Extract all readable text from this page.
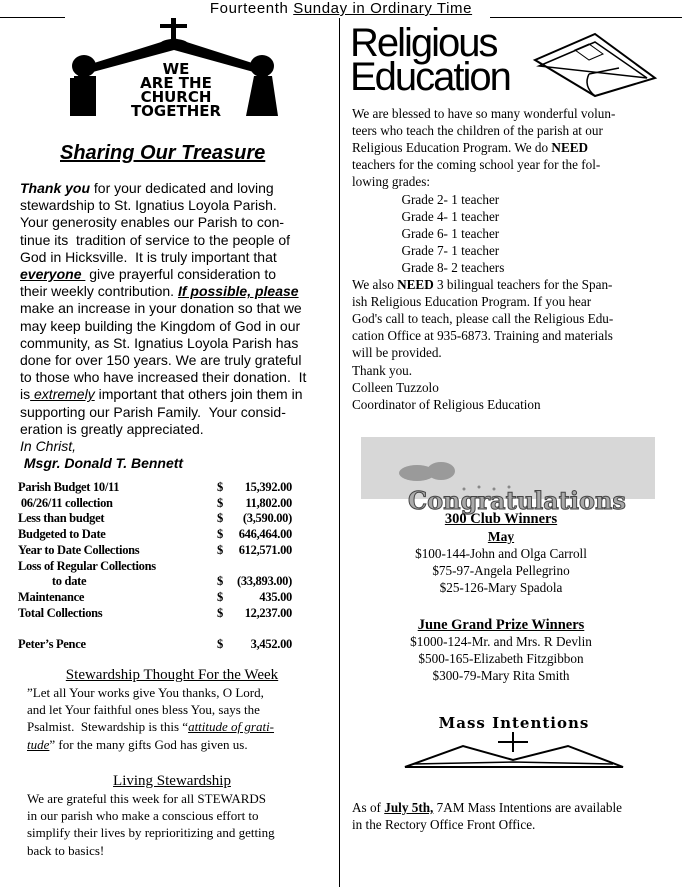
Fourteenth Sunday in Ordinary Time
WE
ARE THE
CHURCH
TOGETHER
Sharing Our Treasure
Thank you for your dedicated and loving
stewardship to St. Ignatius Loyola Parish.
Your generosity enables our Parish to con-
tinue its  tradition of service to the people of
God in Hicksville.  It is truly important that
everyone  give prayerful consideration to
their weekly contribution. If possible, please
make an increase in your donation so that we
may keep building the Kingdom of God in our
community, as St. Ignatius Loyola Parish has
done for over 150 years. We are truly grateful
to those who have increased their donation.  It
is extremely important that others join them in
supporting our Parish Family.  Your consid-
eration is greatly appreciated.
In Christ,
Msgr. Donald T. Bennett
Parish Budget 10/11	$ 15,392.00
06/26/11 collection	$ 11,802.00
Less than budget	$ (3,590.00)
Budgeted to Date	$ 646,464.00
Year to Date Collections	$ 612,571.00
Loss of Regular Collections
to date	$ (33,893.00)
Maintenance	$	435.00
Total Collections	$ 12,237.00
Peter’s Pence	$ 3,452.00
Stewardship Thought For the Week
”Let all Your works give You thanks, O Lord,
and let Your faithful ones bless You, says the
Psalmist.  Stewardship is this “attitude of grati-
tude” for the many gifts God has given us.
Living Stewardship
We are grateful this week for all STEWARDS
in our parish who make a conscious effort to
simplify their lives by reprioritizing and getting
back to basics!
Religious
Education
We are blessed to have so many wonderful volun-
teers who teach the children of the parish at our
Religious Education Program. We do NEED
teachers for the coming school year for the fol-
lowing grades:
Grade 2- 1 teacher
Grade 4- 1 teacher
Grade 6- 1 teacher
Grade 7- 1 teacher
Grade 8- 2 teachers
We also NEED 3 bilingual teachers for the Span-
ish Religious Education Program. If you hear
God's call to teach, please call the Religious Edu-
cation Office at 935-6873. Training and materials
will be provided.
Thank you.
Colleen Tuzzolo
Coordinator of Religious Education

Congratulations

300 Club Winners
May
$100-144-John and Olga Carroll
$75-97-Angela Pellegrino
$25-126-Mary Spadola
June Grand Prize Winners
$1000-124-Mr. and Mrs. R Devlin
$500-165-Elizabeth Fitzgibbon
$300-79-Mary Rita Smith
Mass Intentions
As of July 5th, 7AM Mass Intentions are available
in the Rectory Office Front Office.
